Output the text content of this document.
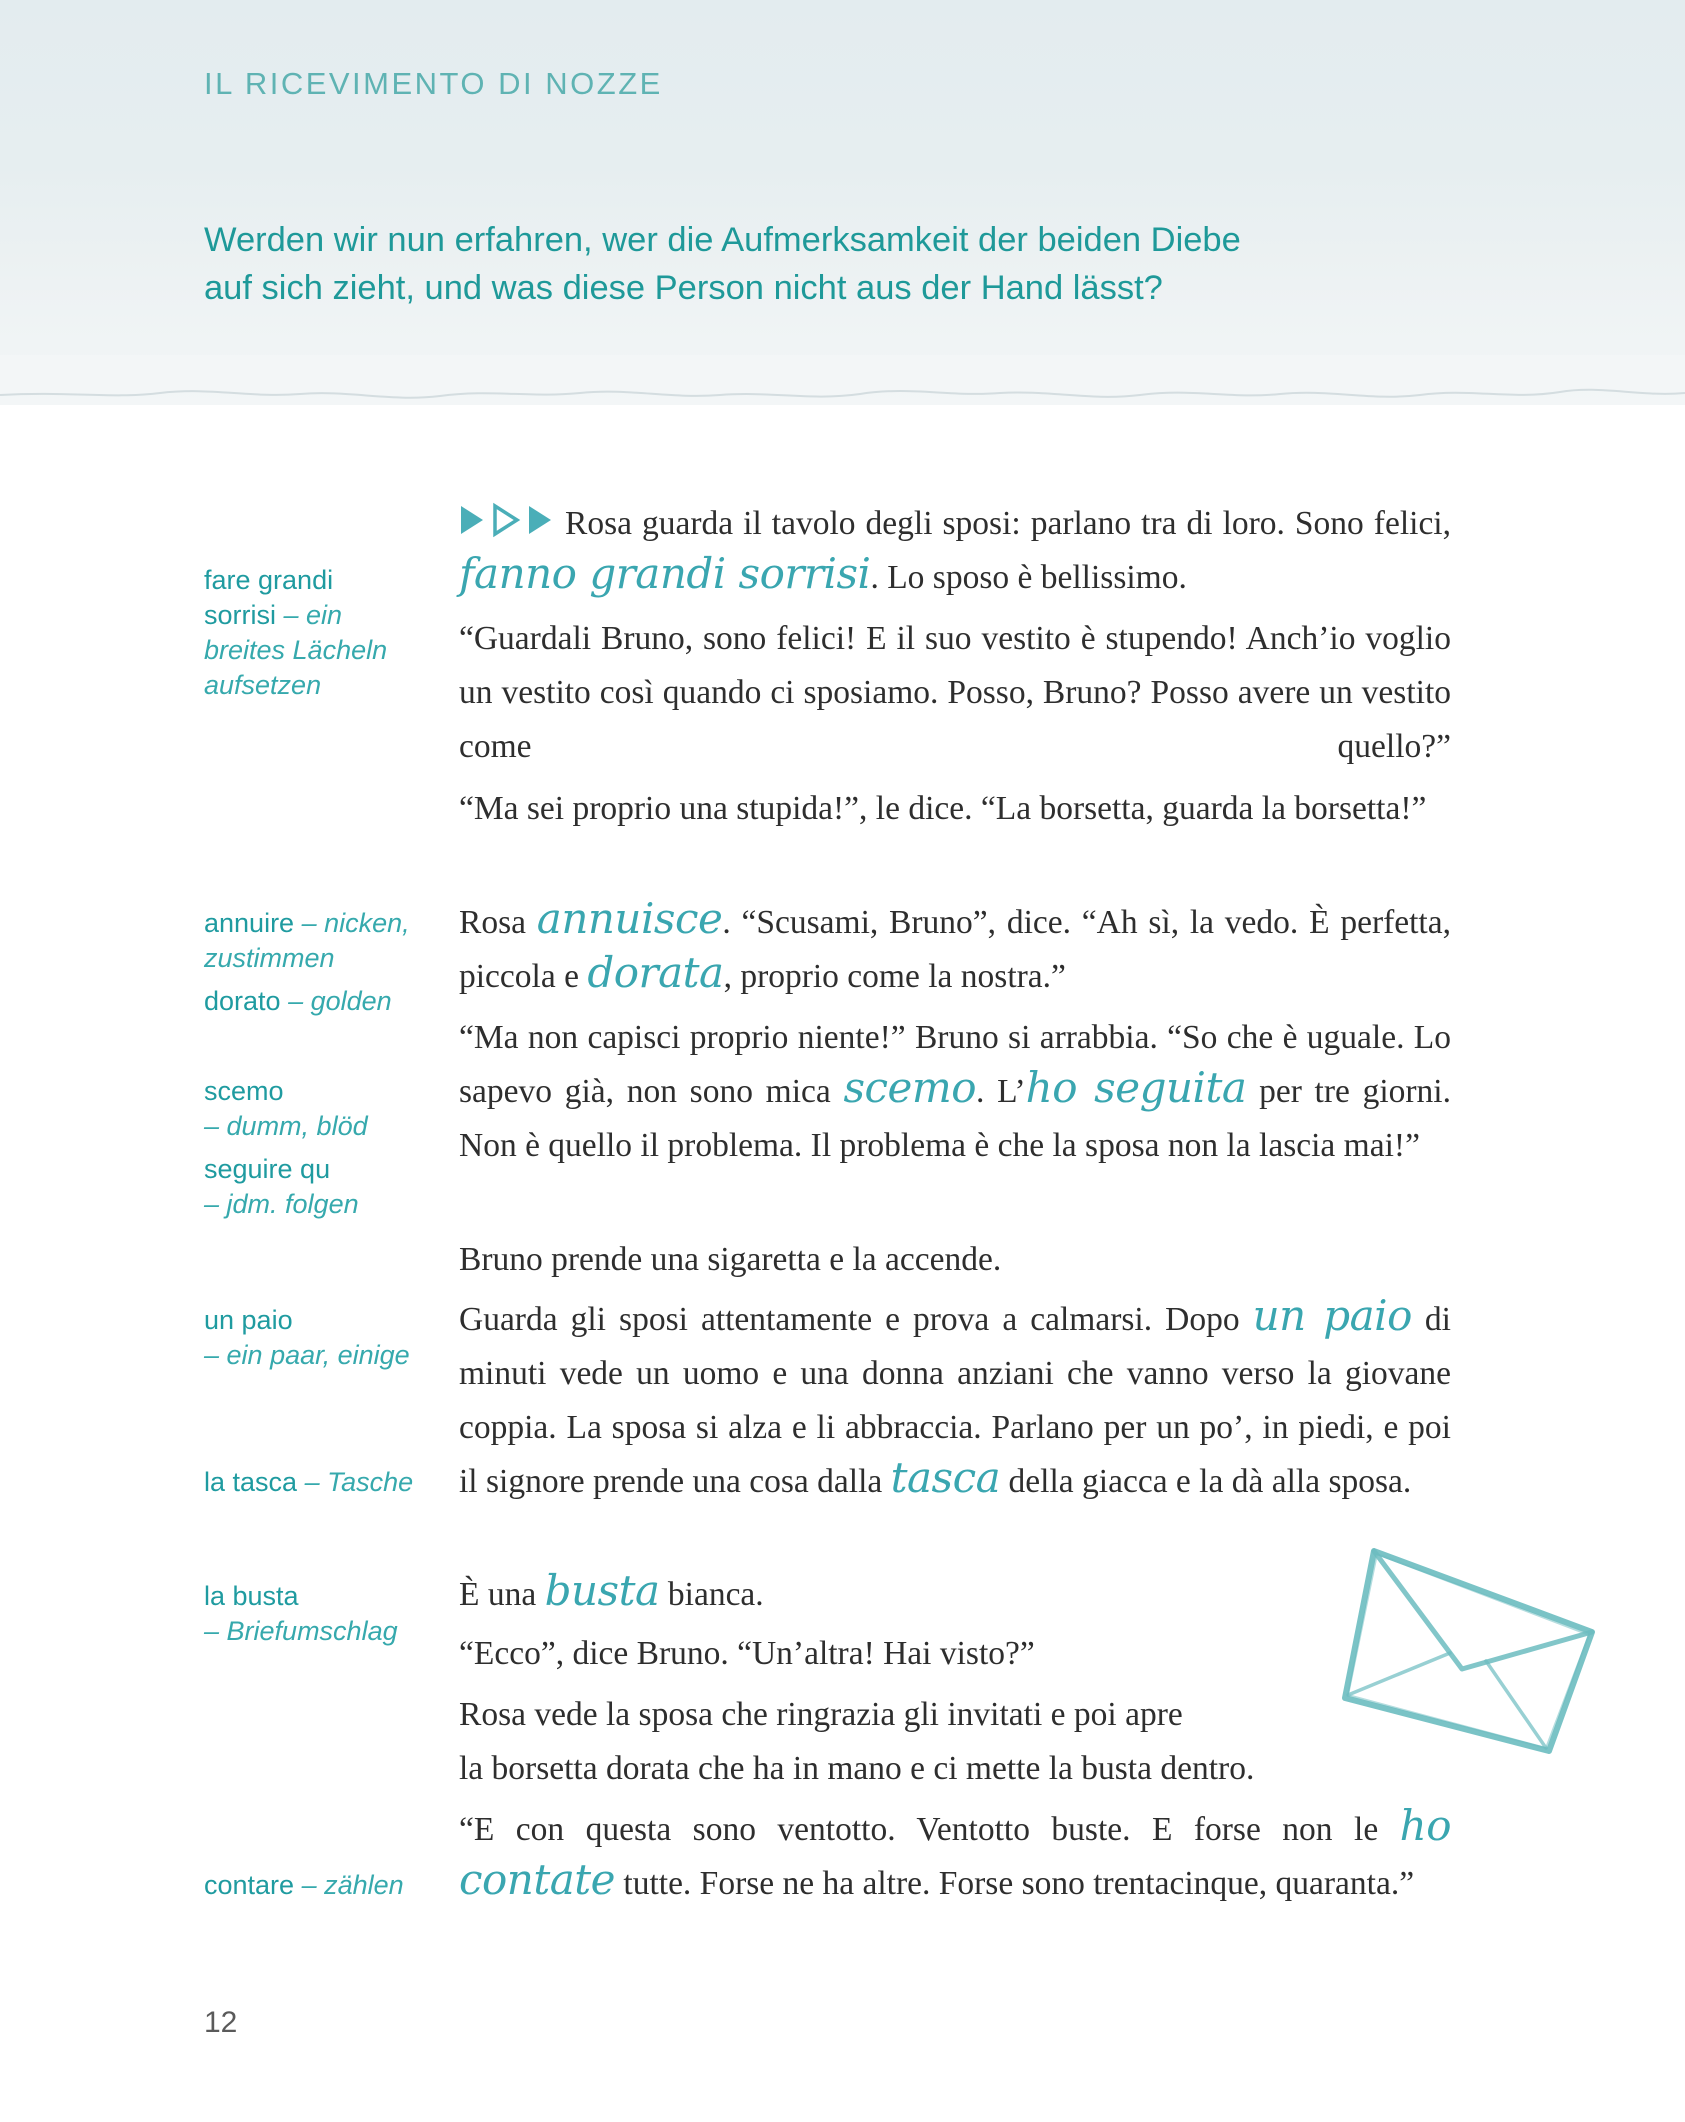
IL RICEVIMENTO DI NOZZE
Werden wir nun erfahren, wer die Aufmerksamkeit der beiden Diebe
auf sich zieht, und was diese Person nicht aus der Hand lässt?
fare grandi
sorrisi – ein
breites Lächeln
aufsetzen
annuire – nicken,
zustimmen
dorato – golden
scemo
– dumm, blöd
seguire qu
– jdm. folgen
un paio
– ein paar, einige
la tasca – Tasche
la busta
– Briefumschlag
contare – zählen
Rosa guarda il tavolo degli sposi: parlano tra di loro. Sono felici, fanno grandi sorrisi. Lo sposo è bellissimo.
“Guardali Bruno, sono felici! E il suo vestito è stupendo! Anch’io voglio un vestito così quando ci sposiamo. Posso, Bruno? Posso avere un vestito come quello?”
“Ma sei proprio una stupida!”, le dice. “La borsetta, guarda la borsetta!”
Rosa annuisce. “Scusami, Bruno”, dice. “Ah sì, la vedo. È perfetta, piccola e dorata, proprio come la nostra.”
“Ma non capisci proprio niente!” Bruno si arrabbia. “So che è uguale. Lo sapevo già, non sono mica scemo. L’ho seguita per tre giorni. Non è quello il problema. Il problema è che la sposa non la lascia mai!”
Bruno prende una sigaretta e la accende.
Guarda gli sposi attentamente e prova a calmarsi. Dopo un paio di minuti vede un uomo e una donna anziani che vanno verso la giovane coppia. La sposa si alza e li abbraccia. Parlano per un po’, in piedi, e poi il signore prende una cosa dalla tasca della giacca e la dà alla sposa.
È una busta bianca.
“Ecco”, dice Bruno. “Un’altra! Hai visto?”
Rosa vede la sposa che ringrazia gli invitati e poi apre
la borsetta dorata che ha in mano e ci mette la busta dentro.
“E con questa sono ventotto. Ventotto buste. E forse non le ho contate tutte. Forse ne ha altre. Forse sono trentacinque, quaranta.”
12
